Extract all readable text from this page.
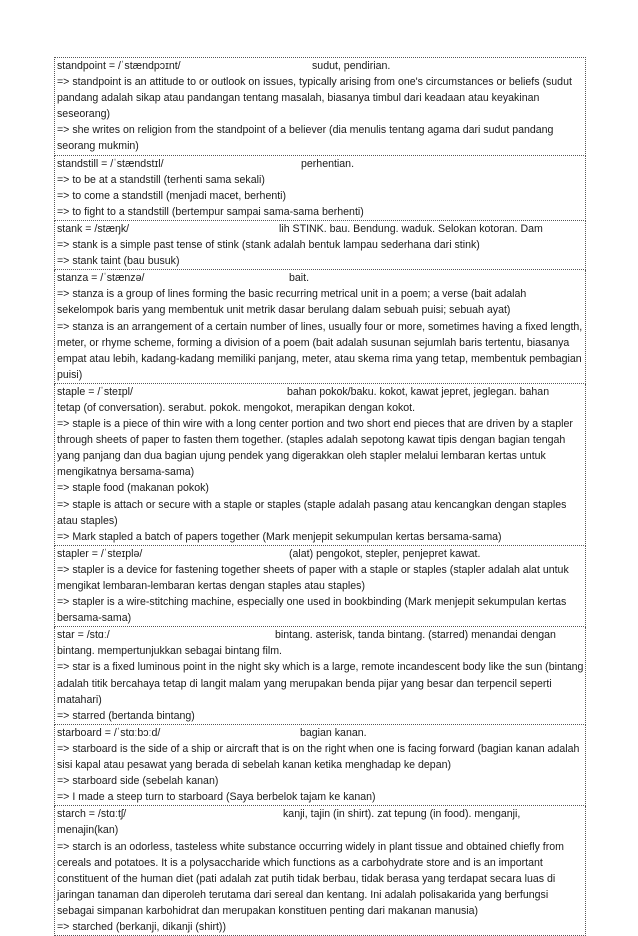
standpoint = /ˈstændpɔɪnt/	sudut, pendirian.

=> standpoint is an attitude to or outlook on issues, typically arising from one's circumstances or beliefs (sudut pandang adalah sikap atau pandangan tentang masalah, biasanya timbul dari keadaan atau keyakinan seseorang)

=> she writes on religion from the standpoint of a believer (dia menulis tentang agama dari sudut pandang seorang mukmin)

standstill = /ˈstændstɪl/	perhentian.

=> to be at a standstill (terhenti sama sekali)

=> to come a standstill (menjadi macet, berhenti)

=> to fight to a standstill (bertempur sampai sama-sama berhenti)

stank = /stæŋk/	lih STINK. bau. Bendung. waduk. Selokan kotoran. Dam

=> stank is a simple past tense of stink (stank adalah bentuk lampau sederhana dari stink)

=> stank taint (bau busuk)

stanza = /ˈstænzə/	bait.

=> stanza is a group of lines forming the basic recurring metrical unit in a poem; a verse (bait adalah sekelompok baris yang membentuk unit metrik dasar berulang dalam sebuah puisi; sebuah ayat)

=> stanza is an arrangement of a certain number of lines, usually four or more, sometimes having a fixed length, meter, or rhyme scheme, forming a division of a poem (bait adalah susunan sejumlah baris tertentu, biasanya empat atau lebih, kadang-kadang memiliki panjang, meter, atau skema rima yang tetap, membentuk pembagian puisi)

staple = /ˈsteɪpl/	bahan pokok/baku. kokot, kawat jepret, jeglegan. bahan

tetap (of conversation). serabut. pokok. mengokot, merapikan dengan kokot.

=> staple is a piece of thin wire with a long center portion and two short end pieces that are driven by a stapler through sheets of paper to fasten them together. (staples adalah sepotong kawat tipis dengan bagian tengah yang panjang dan dua bagian ujung pendek yang digerakkan oleh stapler melalui lembaran kertas untuk mengikatnya bersama-sama)

=> staple food (makanan pokok)

=> staple is attach or secure with a staple or staples (staple adalah pasang atau kencangkan dengan staples atau staples)

=> Mark stapled a batch of papers together (Mark menjepit sekumpulan kertas bersama-sama)

stapler = /ˈsteɪplə/	(alat) pengokot, stepler, penjepret kawat.

=> stapler is a device for fastening together sheets of paper with a staple or staples (stapler adalah alat untuk mengikat lembaran-lembaran kertas dengan staples atau staples)

=> stapler is a wire-stitching machine, especially one used in bookbinding (Mark menjepit sekumpulan kertas bersama-sama)

star = /stɑː/	bintang. asterisk, tanda bintang. (starred) menandai dengan

bintang. mempertunjukkan sebagai bintang film.

=> star is a fixed luminous point in the night sky which is a large, remote incandescent body like the sun (bintang adalah titik bercahaya tetap di langit malam yang merupakan benda pijar yang besar dan terpencil seperti matahari)

=> starred (bertanda bintang)

starboard = /ˈstɑːbɔːd/	bagian kanan.

=> starboard is the side of a ship or aircraft that is on the right when one is facing forward (bagian kanan adalah sisi kapal atau pesawat yang berada di sebelah kanan ketika menghadap ke depan)

=> starboard side (sebelah kanan)

=> I made a steep turn to starboard (Saya berbelok tajam ke kanan)

starch = /stɑːtʃ/	kanji, tajin (in shirt). zat tepung (in food). menganji,

menajin(kan)

=> starch is an odorless, tasteless white substance occurring widely in plant tissue and obtained chiefly from cereals and potatoes. It is a polysaccharide which functions as a carbohydrate store and is an important constituent of the human diet (pati adalah zat putih tidak berbau, tidak berasa yang terdapat secara luas di jaringan tanaman dan diperoleh terutama dari sereal dan kentang. Ini adalah polisakarida yang berfungsi sebagai simpanan karbohidrat dan merupakan konstituen penting dari makanan manusia)

=> starched (berkanji, dikanji (shirt))
